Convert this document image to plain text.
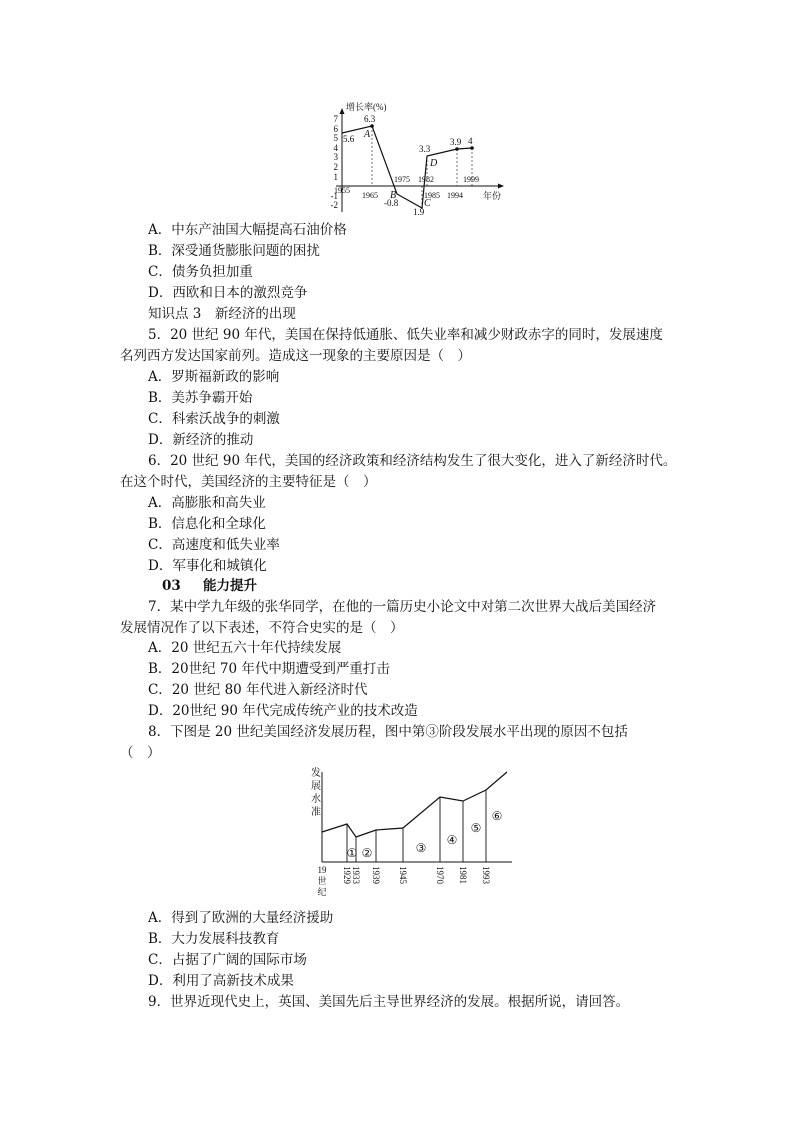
增长率(%)
年份
7
6
5
4
3
2
1
-1
-2
5.6
6.3
-0.8
1.9
3.3
3.9 4
A
B
C
D
1955
1965
1975 1982
1985 1994
1999
A．中东产油国大幅提高石油价格
B．深受通货膨胀问题的困扰
C．债务负担加重
D．西欧和日本的激烈竞争
知识点 3　新经济的出现
5．20 世纪 90 年代，美国在保持低通胀、低失业率和减少财政赤字的同时，发展速度
名列西方发达国家前列。造成这一现象的主要原因是（　）
A．罗斯福新政的影响
B．美苏争霸开始
C．科索沃战争的刺激
D．新经济的推动
6．20 世纪 90 年代，美国的经济政策和经济结构发生了很大变化，进入了新经济时代。
在这个时代，美国经济的主要特征是（　）
A．高膨胀和高失业
B．信息化和全球化
C．高速度和低失业率
D．军事化和城镇化
03 能力提升
7．某中学九年级的张华同学，在他的一篇历史小论文中对第二次世界大战后美国经济
发展情况作了以下表述，不符合史实的是（　）
A．20 世纪五六十年代持续发展
B．20世纪 70 年代中期遭受到严重打击
C．20 世纪 80 年代进入新经济时代
D．20世纪 90 年代完成传统产业的技术改造
8．下图是 20 世纪美国经济发展历程，图中第③阶段发展水平出现的原因不包括
（　）
发
展
水
准
① ②	③
④
⑤
⑥
19
世
纪
1929 1933 1939 1945	1970 1981 1993
A．得到了欧洲的大量经济援助
B．大力发展科技教育
C．占据了广阔的国际市场
D．利用了高新技术成果
9．世界近现代史上，英国、美国先后主导世界经济的发展。根据所说，请回答。
